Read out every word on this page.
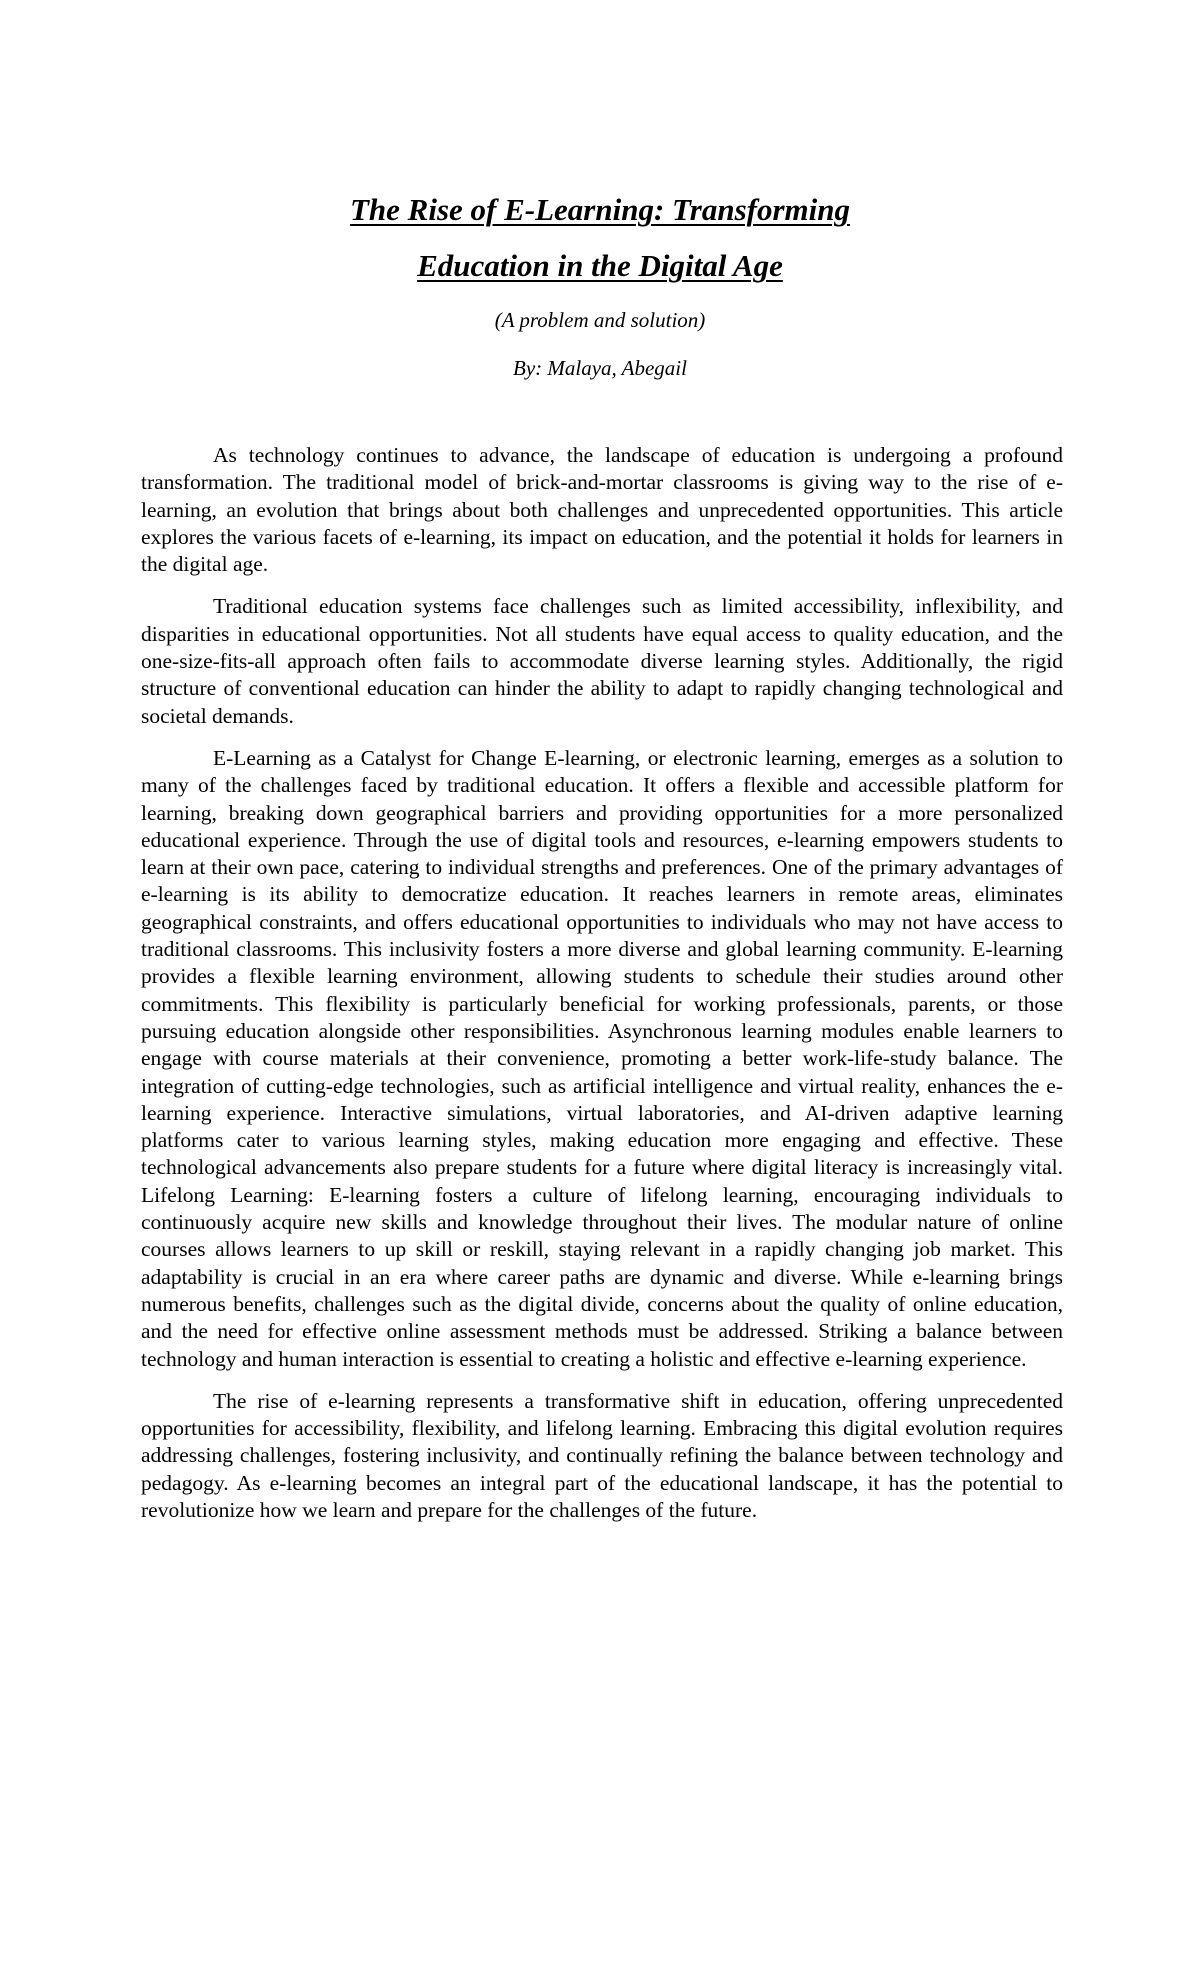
The Rise of E-Learning: Transforming
Education in the Digital Age
(A problem and solution)
By: Malaya, Abegail

As technology continues to advance, the landscape of education is undergoing a profound transformation. The traditional model of brick-and-mortar classrooms is giving way to the rise of e-learning, an evolution that brings about both challenges and unprecedented opportunities. This article explores the various facets of e-learning, its impact on education, and the potential it holds for learners in the digital age.

Traditional education systems face challenges such as limited accessibility, inflexibility, and disparities in educational opportunities. Not all students have equal access to quality education, and the one-size-fits-all approach often fails to accommodate diverse learning styles. Additionally, the rigid structure of conventional education can hinder the ability to adapt to rapidly changing technological and societal demands.

E-Learning as a Catalyst for Change E-learning, or electronic learning, emerges as a solution to many of the challenges faced by traditional education. It offers a flexible and accessible platform for learning, breaking down geographical barriers and providing opportunities for a more personalized educational experience. Through the use of digital tools and resources, e-learning empowers students to learn at their own pace, catering to individual strengths and preferences. One of the primary advantages of e-learning is its ability to democratize education. It reaches learners in remote areas, eliminates geographical constraints, and offers educational opportunities to individuals who may not have access to traditional classrooms. This inclusivity fosters a more diverse and global learning community. E-learning provides a flexible learning environment, allowing students to schedule their studies around other commitments. This flexibility is particularly beneficial for working professionals, parents, or those pursuing education alongside other responsibilities. Asynchronous learning modules enable learners to engage with course materials at their convenience, promoting a better work-life-study balance. The integration of cutting-edge technologies, such as artificial intelligence and virtual reality, enhances the e-learning experience. Interactive simulations, virtual laboratories, and AI-driven adaptive learning platforms cater to various learning styles, making education more engaging and effective. These technological advancements also prepare students for a future where digital literacy is increasingly vital. Lifelong Learning: E-learning fosters a culture of lifelong learning, encouraging individuals to continuously acquire new skills and knowledge throughout their lives. The modular nature of online courses allows learners to up skill or reskill, staying relevant in a rapidly changing job market. This adaptability is crucial in an era where career paths are dynamic and diverse. While e-learning brings numerous benefits, challenges such as the digital divide, concerns about the quality of online education, and the need for effective online assessment methods must be addressed. Striking a balance between technology and human interaction is essential to creating a holistic and effective e-learning experience.

The rise of e-learning represents a transformative shift in education, offering unprecedented opportunities for accessibility, flexibility, and lifelong learning. Embracing this digital evolution requires addressing challenges, fostering inclusivity, and continually refining the balance between technology and pedagogy. As e-learning becomes an integral part of the educational landscape, it has the potential to revolutionize how we learn and prepare for the challenges of the future.
